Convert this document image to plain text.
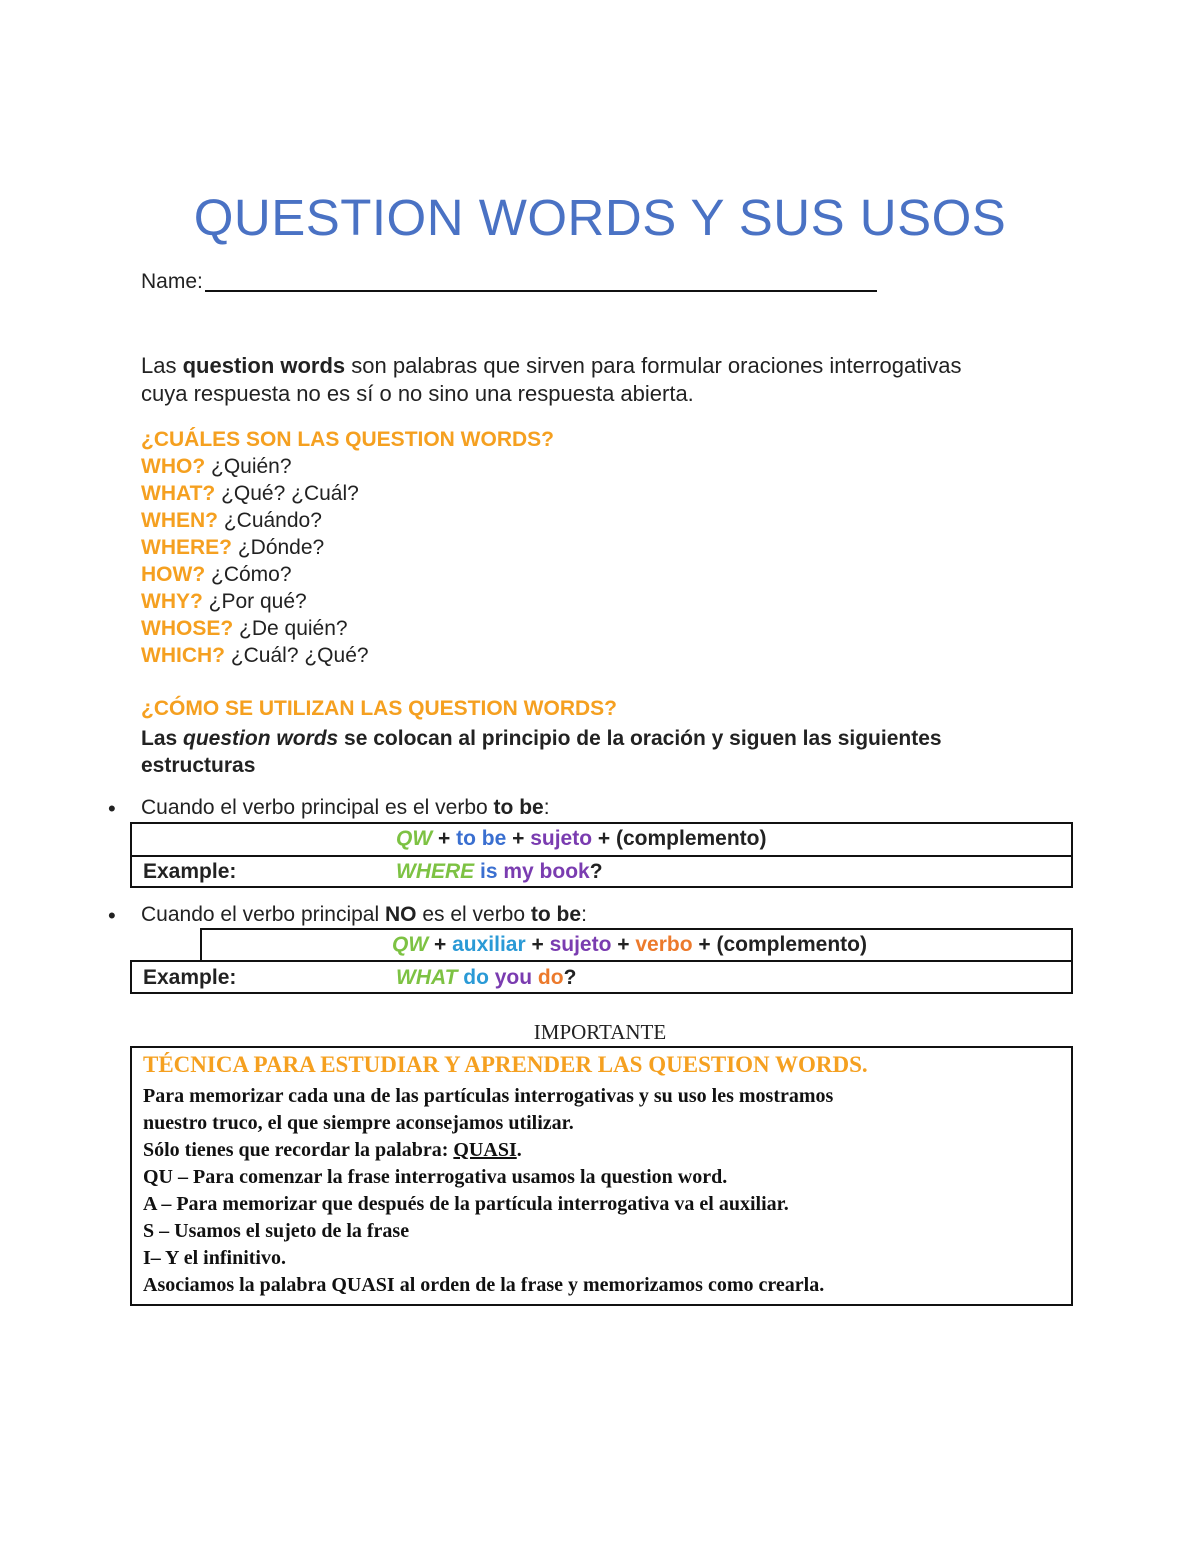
QUESTION WORDS Y SUS USOS
Name:
Las question words son palabras que sirven para formular oraciones interrogativas
cuya respuesta no es sí o no sino una respuesta abierta.
¿CUÁLES SON LAS QUESTION WORDS?
WHO? ¿Quién?
WHAT? ¿Qué? ¿Cuál?
WHEN? ¿Cuándo?
WHERE? ¿Dónde?
HOW? ¿Cómo?
WHY? ¿Por qué?
WHOSE? ¿De quién?
WHICH? ¿Cuál? ¿Qué?
¿CÓMO SE UTILIZAN LAS QUESTION WORDS?
Las question words se colocan al principio de la oración y siguen las siguientes
estructuras
• Cuando el verbo principal es el verbo to be:
QW + to be + sujeto + (complemento)
Example:	WHERE is my book?
• Cuando el verbo principal NO es el verbo to be:
QW + auxiliar + sujeto + verbo + (complemento)
Example:	WHAT do you do?
IMPORTANTE
TÉCNICA PARA ESTUDIAR Y APRENDER LAS QUESTION WORDS.
Para memorizar cada una de las partículas interrogativas y su uso les mostramos
nuestro truco, el que siempre aconsejamos utilizar.
Sólo tienes que recordar la palabra: QUASI.
QU – Para comenzar la frase interrogativa usamos la question word.
A – Para memorizar que después de la partícula interrogativa va el auxiliar.
S – Usamos el sujeto de la frase
I– Y el infinitivo.
Asociamos la palabra QUASI al orden de la frase y memorizamos como crearla.
